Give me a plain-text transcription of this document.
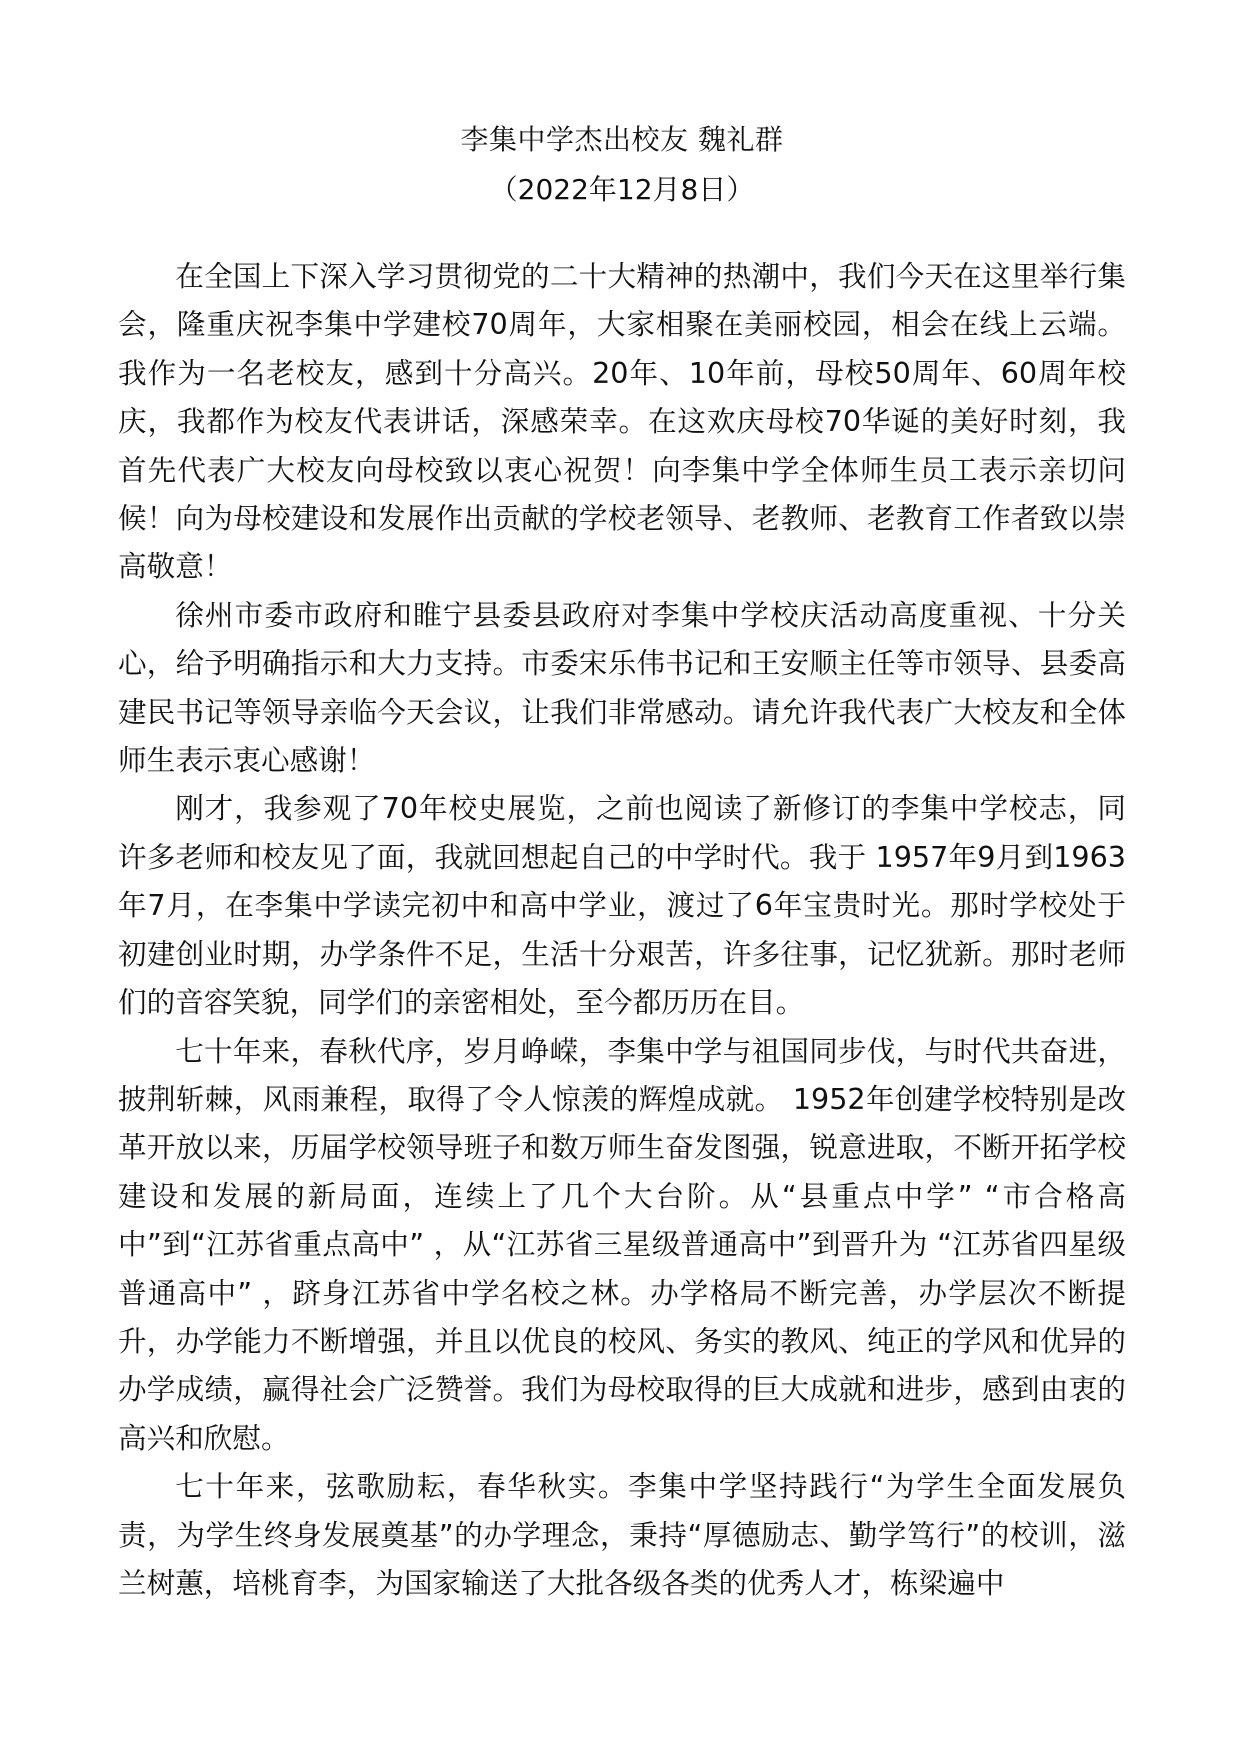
李集中学杰出校友 魏礼群
（2022年12月8日）

在全国上下深入学习贯彻党的二十大精神的热潮中，我们今天在这里举行集会，隆重庆祝李集中学建校70周年，大家相聚在美丽校园，相会在线上云端。我作为一名老校友，感到十分高兴。20年、10年前，母校50周年、60周年校庆，我都作为校友代表讲话，深感荣幸。在这欢庆母校70华诞的美好时刻，我首先代表广大校友向母校致以衷心祝贺！向李集中学全体师生员工表示亲切问候！向为母校建设和发展作出贡献的学校老领导、老教师、老教育工作者致以崇高敬意！

徐州市委市政府和睢宁县委县政府对李集中学校庆活动高度重视、十分关心，给予明确指示和大力支持。市委宋乐伟书记和王安顺主任等市领导、县委高建民书记等领导亲临今天会议，让我们非常感动。请允许我代表广大校友和全体师生表示衷心感谢！

刚才，我参观了70年校史展览，之前也阅读了新修订的李集中学校志，同许多老师和校友见了面，我就回想起自己的中学时代。我于 1957年9月到1963年7月，在李集中学读完初中和高中学业，渡过了6年宝贵时光。那时学校处于初建创业时期，办学条件不足，生活十分艰苦，许多往事，记忆犹新。那时老师们的音容笑貌，同学们的亲密相处，至今都历历在目。

七十年来，春秋代序，岁月峥嵘，李集中学与祖国同步伐，与时代共奋进，披荆斩棘，风雨兼程，取得了令人惊羡的辉煌成就。 1952年创建学校特别是改革开放以来，历届学校领导班子和数万师生奋发图强，锐意进取，不断开拓学校建设和发展的新局面，连续上了几个大台阶。从“县重点中学” “市合格高中”到“江苏省重点高中” ，从“江苏省三星级普通高中”到晋升为 “江苏省四星级普通高中” ，跻身江苏省中学名校之林。办学格局不断完善，办学层次不断提升，办学能力不断增强，并且以优良的校风、务实的教风、纯正的学风和优异的办学成绩，赢得社会广泛赞誉。我们为母校取得的巨大成就和进步，感到由衷的高兴和欣慰。

七十年来，弦歌励耘，春华秋实。李集中学坚持践行“为学生全面发展负责，为学生终身发展奠基”的办学理念，秉持“厚德励志、勤学笃行”的校训，滋兰树蕙，培桃育李，为国家输送了大批各级各类的优秀人才，栋梁遍中
